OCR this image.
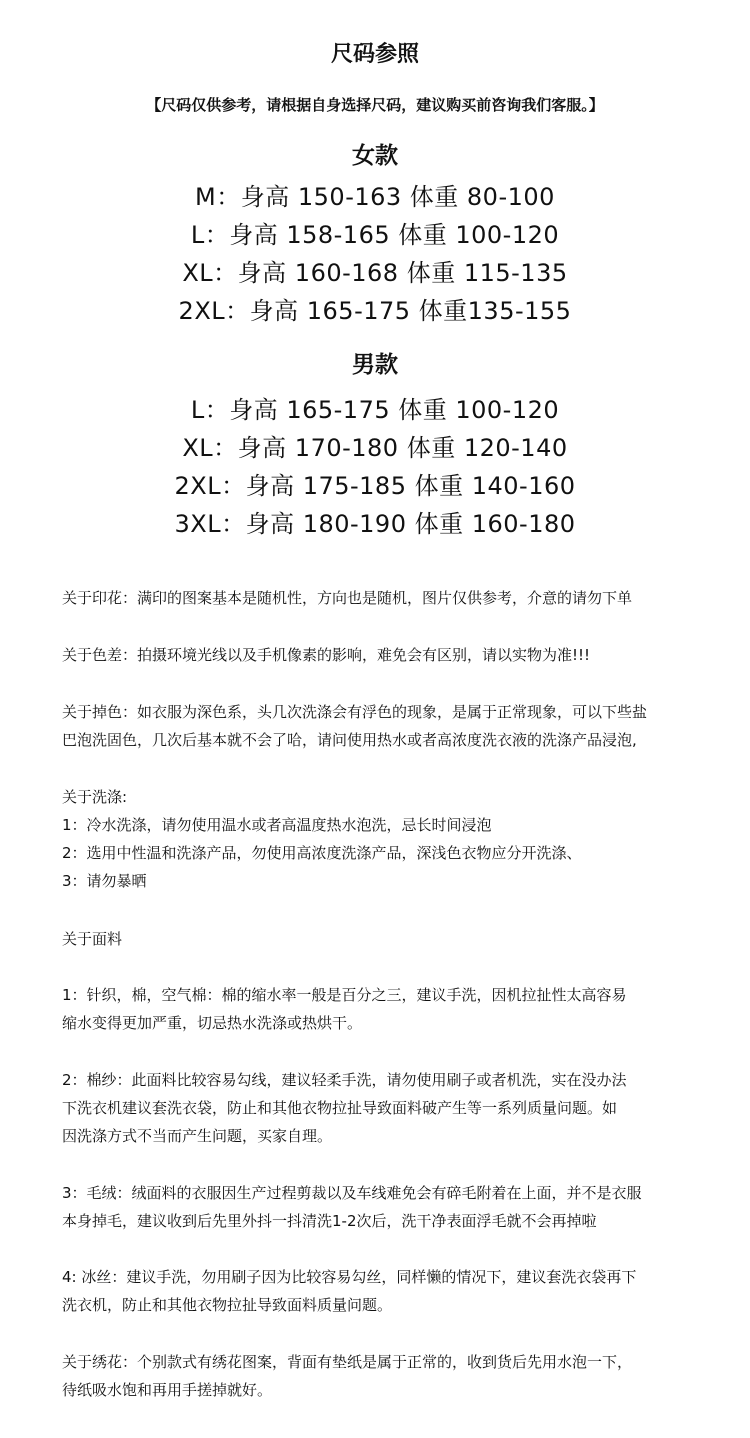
尺码参照
【尺码仅供参考，请根据自身选择尺码，建议购买前咨询我们客服。】
女款
M：身高 150-163 体重 80-100
L：身高 158-165 体重 100-120
XL：身高 160-168 体重 115-135
2XL：身高 165-175 体重135-155
男款
L：身高 165-175 体重 100-120
XL：身高 170-180 体重 120-140
2XL：身高 175-185 体重 140-160
3XL：身高 180-190 体重 160-180
关于印花：满印的图案基本是随机性，方向也是随机，图片仅供参考，介意的请勿下单
关于色差：拍摄环境光线以及手机像素的影响，难免会有区别，请以实物为准!!!
关于掉色：如衣服为深色系，头几次洗涤会有浮色的现象，是属于正常现象，可以下些盐
巴泡洗固色，几次后基本就不会了哈，请问使用热水或者高浓度洗衣液的洗涤产品浸泡,
关于洗涤:
1：冷水洗涤，请勿使用温水或者高温度热水泡洗，忌长时间浸泡
2：选用中性温和洗涤产品，勿使用高浓度洗涤产品，深浅色衣物应分开洗涤、
3：请勿暴晒
关于面料
1：针织，棉，空气棉：棉的缩水率一般是百分之三，建议手洗，因机拉扯性太高容易
缩水变得更加严重，切忌热水洗涤或热烘干。
2：棉纱：此面料比较容易勾线，建议轻柔手洗，请勿使用刷子或者机洗，实在没办法
下洗衣机建议套洗衣袋，防止和其他衣物拉扯导致面料破产生等一系列质量问题。如
因洗涤方式不当而产生问题，买家自理。
3：毛绒：绒面料的衣服因生产过程剪裁以及车线难免会有碎毛附着在上面，并不是衣服
本身掉毛，建议收到后先里外抖一抖清洗1-2次后，洗干净表面浮毛就不会再掉啦
4: 冰丝：建议手洗，勿用刷子因为比较容易勾丝，同样懒的情况下，建议套洗衣袋再下
洗衣机，防止和其他衣物拉扯导致面料质量问题。
关于绣花：个别款式有绣花图案，背面有垫纸是属于正常的，收到货后先用水泡一下，
待纸吸水饱和再用手搓掉就好。
